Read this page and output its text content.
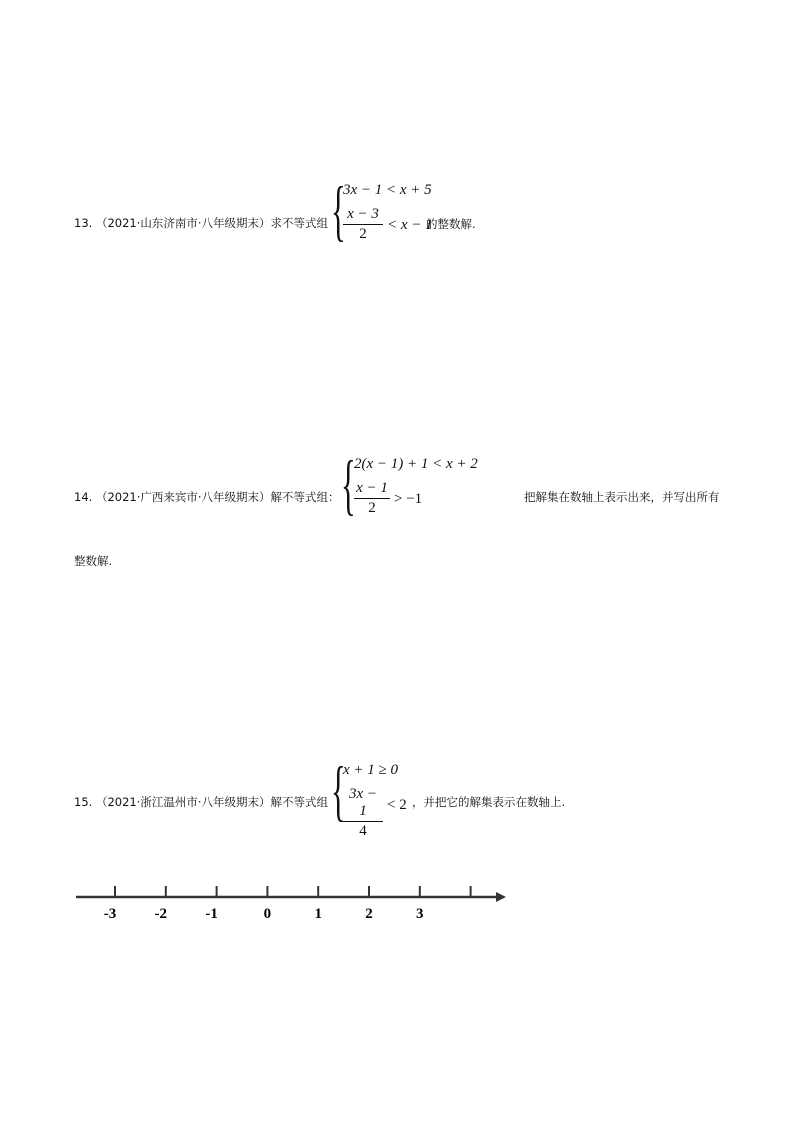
13. （2021·山东济南市·八年级期末）求不等式组 {
3x − 1 < x + 5
$\frac{x - 3}{2} < x - 1$
的整数解.
14. （2021·广西来宾市·八年级期末）解不等式组： {
2(x − 1) + 1 < x + 2
$\frac{x - 1}{2} > -1$	把解集在数轴上表示出来，并写出所有
整数解.
15. （2021·浙江温州市·八年级期末）解不等式组 {
x + 1 ≥ 0
$\frac{3x - 1}{4} < 2$ ，并把它的解集表示在数轴上.
-3	-2	-1	0	1	2	3
